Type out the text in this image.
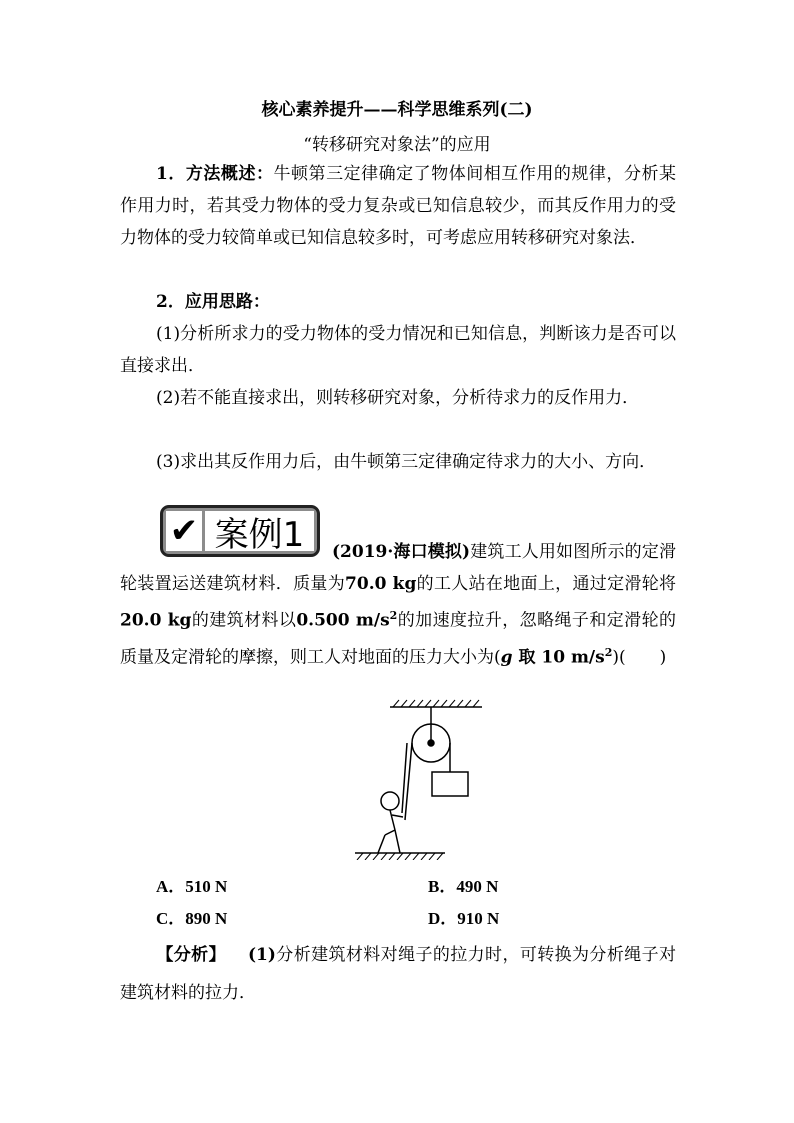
核心素养提升——科学思维系列(二)
“转移研究对象法”的应用
1．方法概述：牛顿第三定律确定了物体间相互作用的规律，分析某作用力时，若其受力物体的受力复杂或已知信息较少，而其反作用力的受力物体的受力较简单或已知信息较多时，可考虑应用转移研究对象法．
2．应用思路：
(1)分析所求力的受力物体的受力情况和已知信息，判断该力是否可以直接求出．
(2)若不能直接求出，则转移研究对象，分析待求力的反作用力．
(3)求出其反作用力后，由牛顿第三定律确定待求力的大小、方向．
✔ 案例1	(2019·海口模拟)建筑工人用如图所示的定滑轮装置运送建筑材料．质量为70.0 kg的工人站在地面上，通过定滑轮将20.0 kg的建筑材料以0.500 $m/s^2$的加速度拉升，忽略绳子和定滑轮的质量及定滑轮的摩擦，则工人对地面的压力大小为(g 取 10 $m/s^2$)(　　)
A．510 N	B．490 N
C．890 N	D．910 N
【分析】 (1)分析建筑材料对绳子的拉力时，可转换为分析绳子对建筑材料的拉力．
